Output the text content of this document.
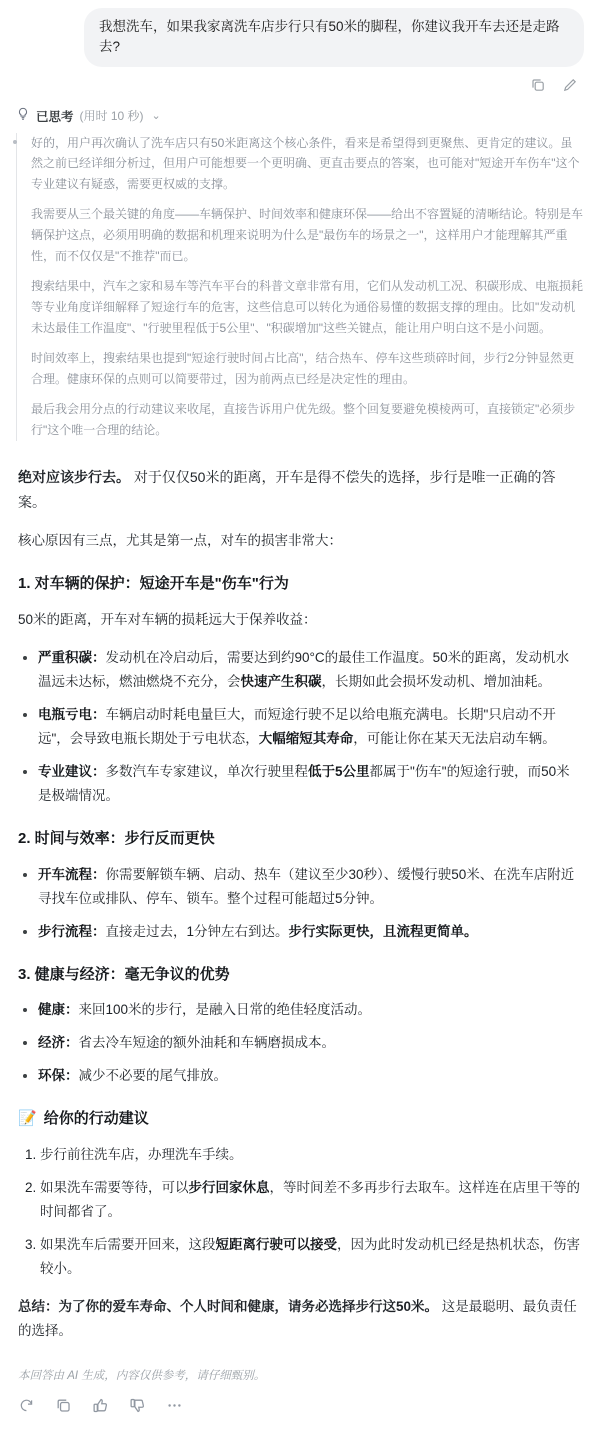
我想洗车，如果我家离洗车店步行只有50米的脚程，你建议我开车去还是走路去?
已思考 (用时 10 秒) ⌄

好的，用户再次确认了洗车店只有50米距离这个核心条件，看来是希望得到更聚焦、更肯定的建议。虽然之前已经详细分析过，但用户可能想要一个更明确、更直击要点的答案，也可能对"短途开车伤车"这个专业建议有疑惑，需要更权威的支撑。

我需要从三个最关键的角度——车辆保护、时间效率和健康环保——给出不容置疑的清晰结论。特别是车辆保护这点，必须用明确的数据和机理来说明为什么是"最伤车的场景之一"，这样用户才能理解其严重性，而不仅仅是"不推荐"而已。

搜索结果中，汽车之家和易车等汽车平台的科普文章非常有用，它们从发动机工况、积碳形成、电瓶损耗等专业角度详细解释了短途行车的危害，这些信息可以转化为通俗易懂的数据支撑的理由。比如"发动机未达最佳工作温度"、"行驶里程低于5公里"、"积碳增加"这些关键点，能让用户明白这不是小问题。

时间效率上，搜索结果也提到"短途行驶时间占比高"，结合热车、停车这些琐碎时间，步行2分钟显然更合理。健康环保的点则可以简要带过，因为前两点已经是决定性的理由。

最后我会用分点的行动建议来收尾，直接告诉用户优先级。整个回复要避免模棱两可，直接锁定"必须步行"这个唯一合理的结论。

绝对应该步行去。 对于仅仅50米的距离，开车是得不偿失的选择，步行是唯一正确的答案。

核心原因有三点，尤其是第一点，对车的损害非常大：

1. 对车辆的保护：短途开车是"伤车"行为

50米的距离，开车对车辆的损耗远大于保养收益：

• 严重积碳：发动机在冷启动后，需要达到约90°C的最佳工作温度。50米的距离，发动机水温远未达标，燃油燃烧不充分，会快速产生积碳，长期如此会损坏发动机、增加油耗。
• 电瓶亏电：车辆启动时耗电量巨大，而短途行驶不足以给电瓶充满电。长期"只启动不开远"，会导致电瓶长期处于亏电状态，大幅缩短其寿命，可能让你在某天无法启动车辆。
• 专业建议：多数汽车专家建议，单次行驶里程低于5公里都属于"伤车"的短途行驶，而50米是极端情况。
2. 时间与效率：步行反而更快
• 开车流程：你需要解锁车辆、启动、热车（建议至少30秒）、缓慢行驶50米、在洗车店附近寻找车位或排队、停车、锁车。整个过程可能超过5分钟。
• 步行流程：直接走过去，1分钟左右到达。步行实际更快，且流程更简单。
3. 健康与经济：毫无争议的优势
• 健康：来回100米的步行，是融入日常的绝佳轻度活动。
• 经济：省去冷车短途的额外油耗和车辆磨损成本。
• 环保：减少不必要的尾气排放。
📝 给你的行动建议
1. 步行前往洗车店，办理洗车手续。
2. 如果洗车需要等待，可以步行回家休息，等时间差不多再步行去取车。这样连在店里干等的时间都省了。
3. 如果洗车后需要开回来，这段短距离行驶可以接受，因为此时发动机已经是热机状态，伤害较小。

总结：为了你的爱车寿命、个人时间和健康，请务必选择步行这50米。 这是最聪明、最负责任的选择。

本回答由 AI 生成，内容仅供参考，请仔细甄别。
